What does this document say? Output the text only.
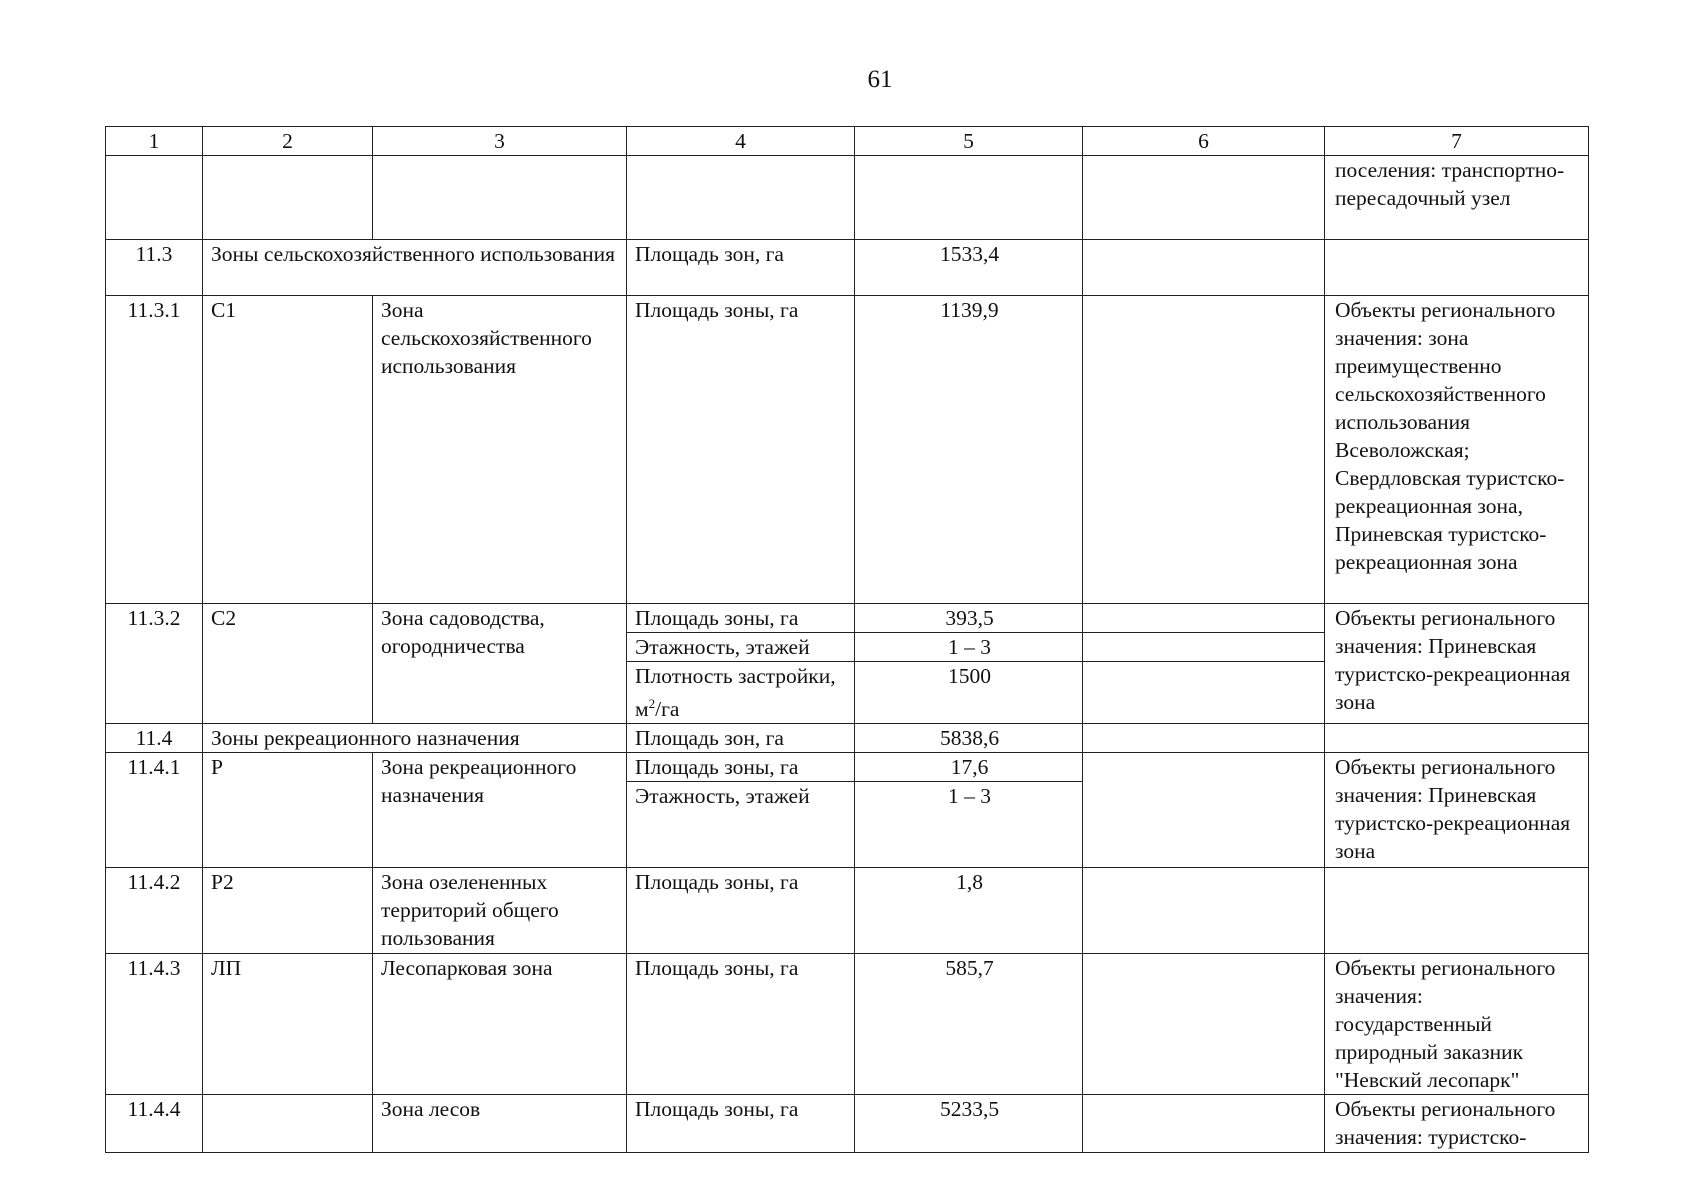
61
1	2	3	4	5	6	7
						поселения: транспортно-пересадочный узел
11.3	Зоны сельскохозяйственного использования		Площадь зон, га	1533,4		
11.3.1	С1	Зона сельскохозяйственного использования	Площадь зоны, га	1139,9		Объекты регионального значения: зона преимущественно сельскохозяйственного использования Всеволожская; Свердловская туристско-рекреационная зона, Приневская туристско-рекреационная зона
11.3.2	С2	Зона садоводства, огородничества	Площадь зоны, га	393,5		Объекты регионального значения: Приневская туристско-рекреационная зона
			Этажность, этажей	1 – 3		
			Плотность застройки, $м^2/га$	1500		
11.4	Зоны рекреационного назначения		Площадь зон, га	5838,6		
11.4.1	Р	Зона рекреационного назначения	Площадь зоны, га	17,6		Объекты регионального значения: Приневская туристско-рекреационная зона
			Этажность, этажей	1 – 3		
11.4.2	Р2	Зона озелененных территорий общего пользования	Площадь зоны, га	1,8		
11.4.3	ЛП	Лесопарковая зона	Площадь зоны, га	585,7		Объекты регионального значения: государственный природный заказник "Невский лесопарк"
11.4.4		Зона лесов	Площадь зоны, га	5233,5		Объекты регионального значения: туристско-
